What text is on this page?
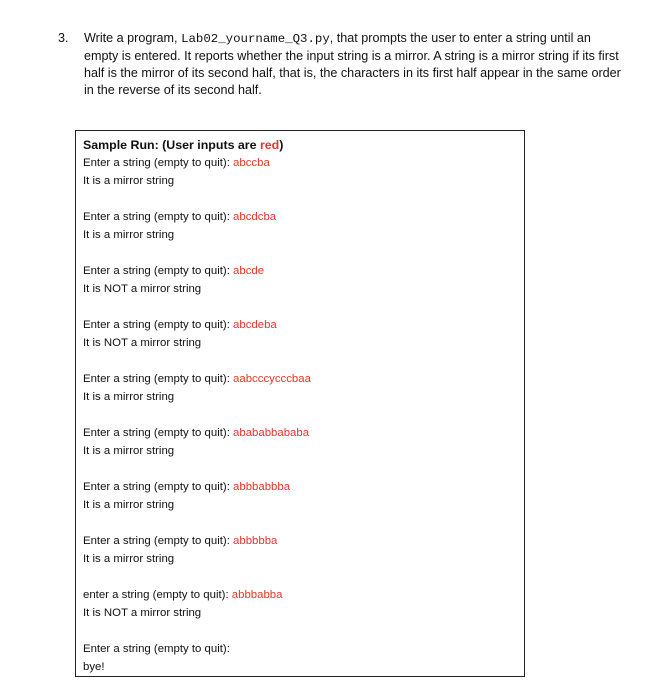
3. Write a program, Lab02_yourname_Q3.py, that prompts the user to enter a string until an empty is entered. It reports whether the input string is a mirror. A string is a mirror string if its first half is the mirror of its second half, that is, the characters in its first half appear in the same order in the reverse of its second half.
Sample Run: (User inputs are red)
Enter a string (empty to quit): abccba
It is a mirror string
Enter a string (empty to quit): abcdcba
It is a mirror string
Enter a string (empty to quit): abcde
It is NOT a mirror string
Enter a string (empty to quit): abcdeba
It is NOT a mirror string
Enter a string (empty to quit): aabcccycccbaa
It is a mirror string
Enter a string (empty to quit): abababbababa
It is a mirror string
Enter a string (empty to quit): abbbabbba
It is a mirror string
Enter a string (empty to quit): abbbbba
It is a mirror string
enter a string (empty to quit): abbbabba
It is NOT a mirror string
Enter a string (empty to quit):
bye!
